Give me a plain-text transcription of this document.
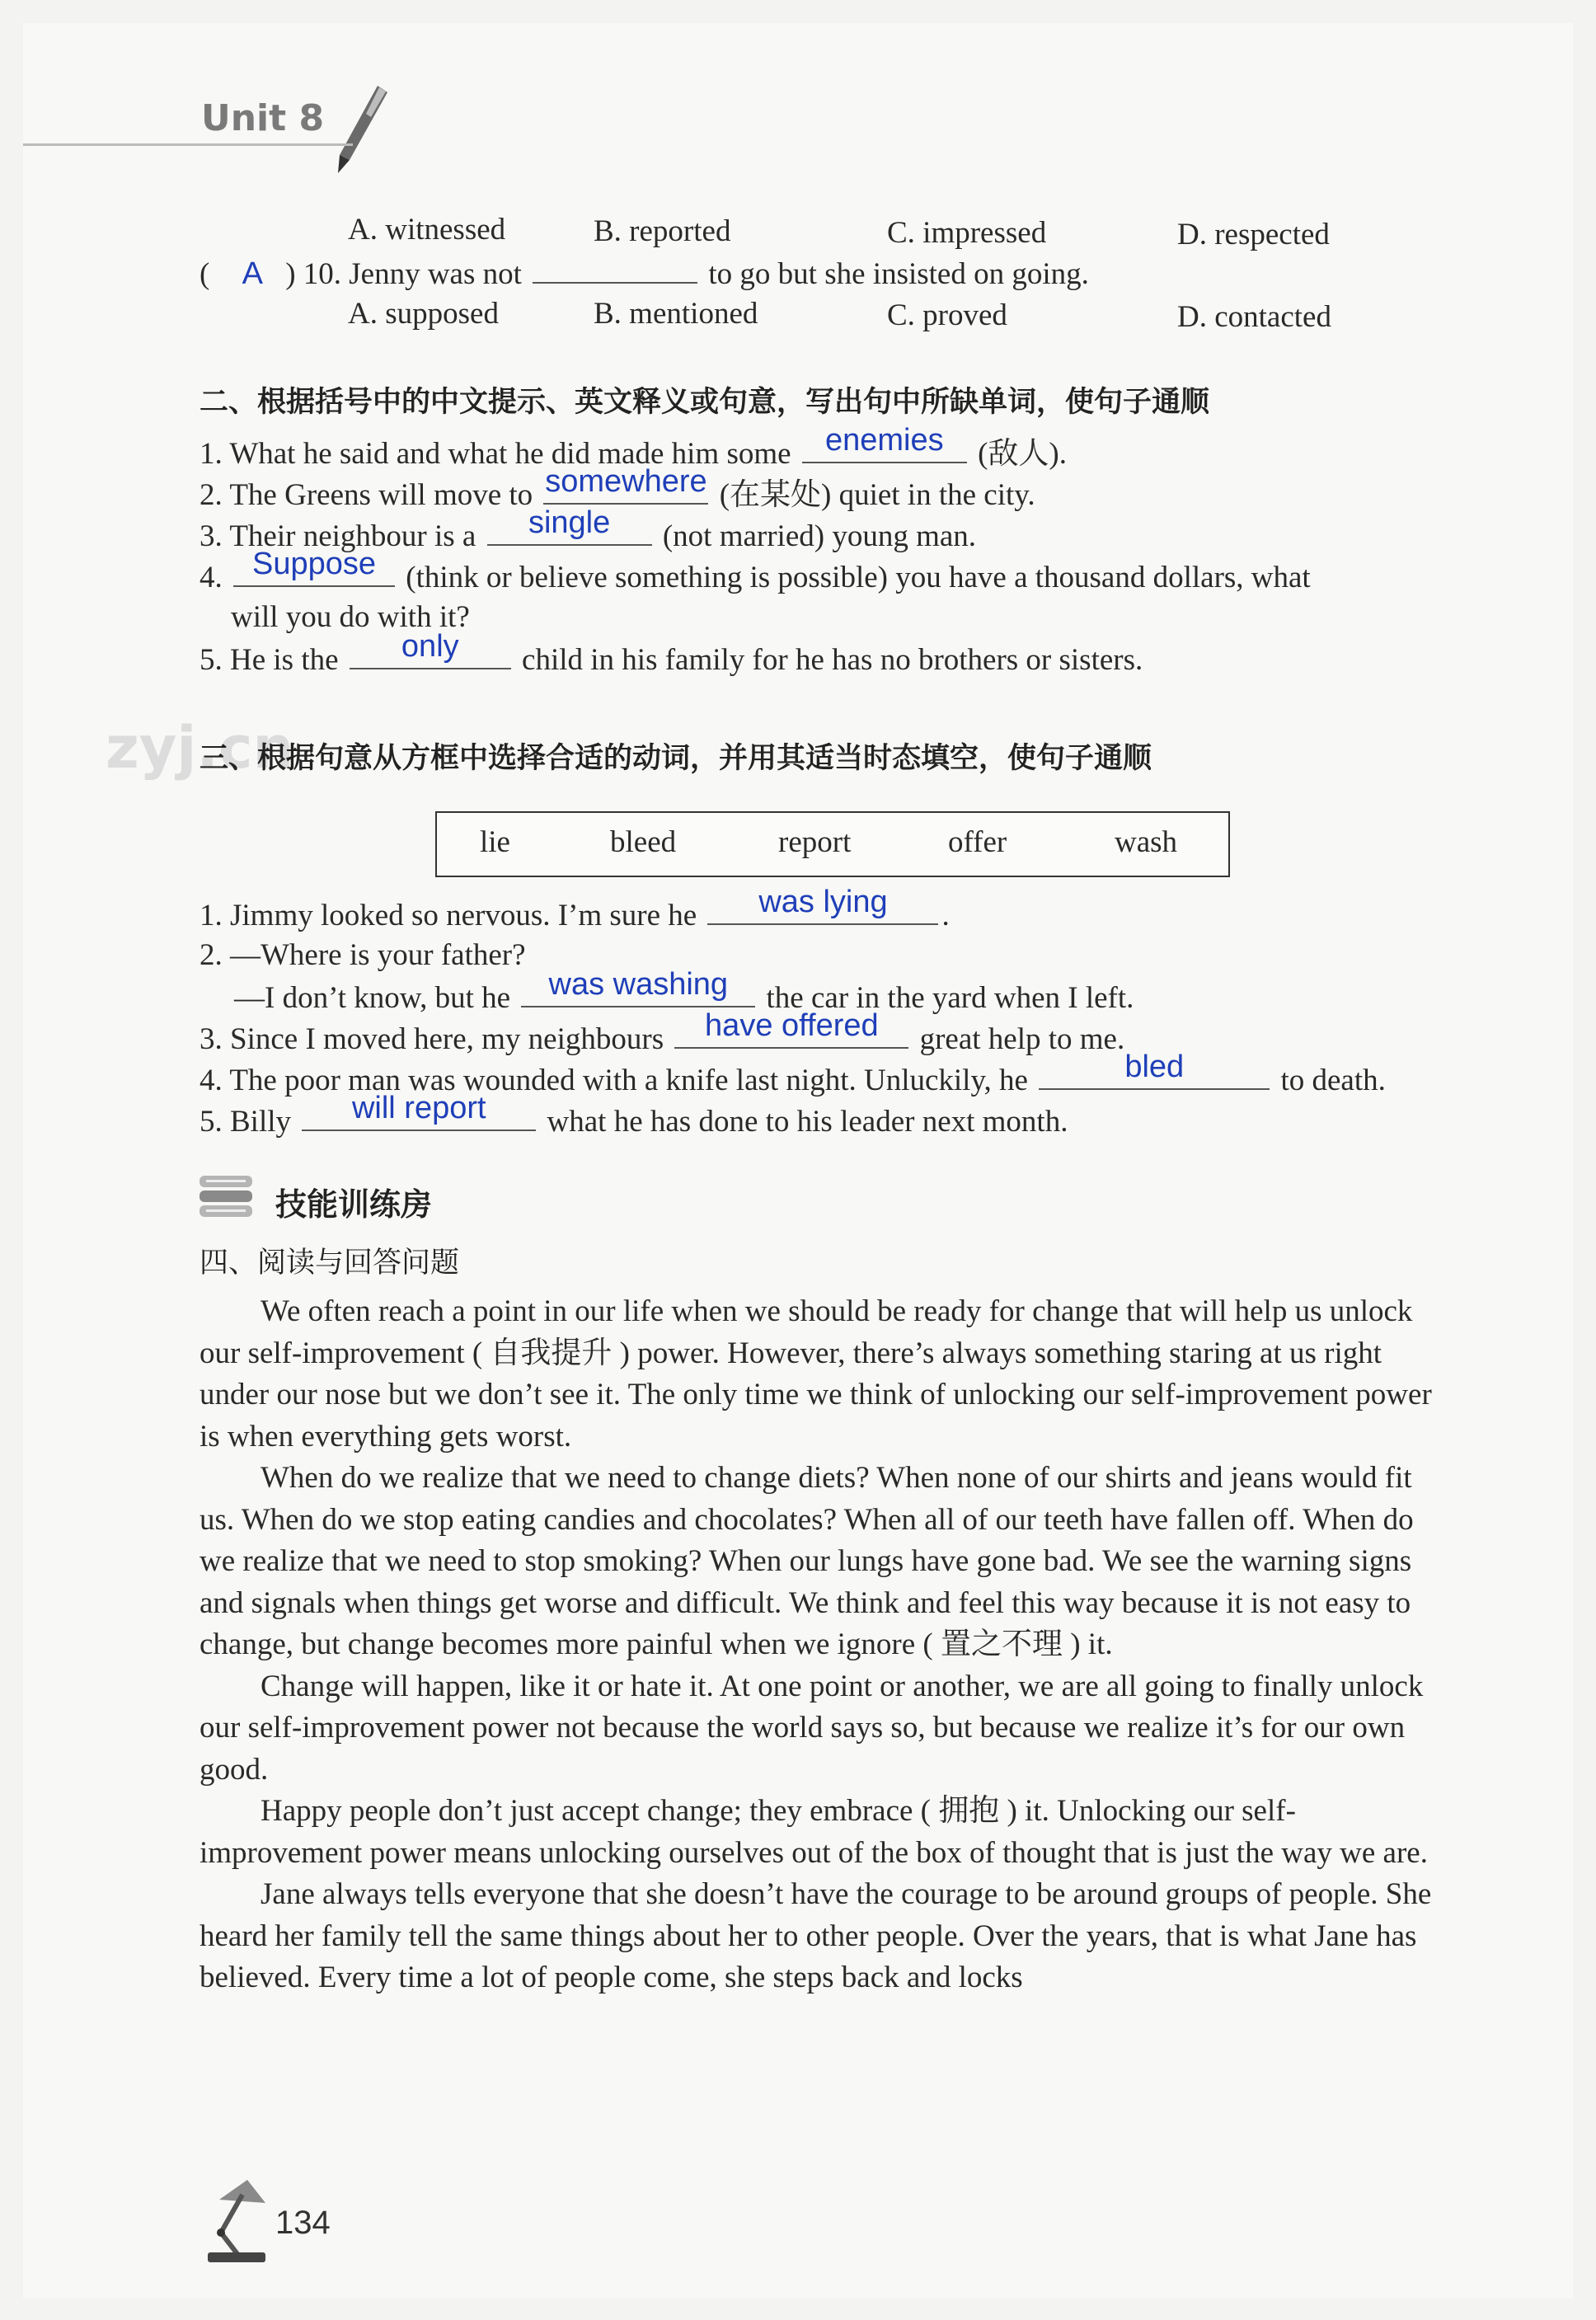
Unit 8
A. witnessed	B. reported	C. impressed	D. respected
( A ) 10. Jenny was not	to go but she insisted on going.
A. supposed	B. mentioned	C. proved	D. contacted
二、根据括号中的中文提示、英文释义或句意，写出句中所缺单词，使句子通顺
1. What he said and what he did made him some	enemies	(敌人).
2. The Greens will move to somewhere (在某处) quiet in the city.
3. Their neighbour is a	single	(not married) young man.
4. Suppose (think or believe something is possible) you have a thousand dollars, what
will you do with it?
5. He is the	only	child in his family for he has no brothers or sisters.
zyj.cn
三、根据句意从方框中选择合适的动词，并用其适当时态填空，使句子通顺
lie	bleed	report	offer	wash
1. Jimmy looked so nervous. I’m sure he	was lying	.
2. —Where is your father?
—I don’t know, but he	was washing	the car in the yard when I left.
3. Since I moved here, my neighbours	have offered	great help to me.
4. The poor man was wounded with a knife last night. Unluckily, he	bled	to death.
5. Billy	will report	what he has done to his leader next month.
技能训练房
四、阅读与回答问题

We often reach a point in our life when we should be ready for change that will help us unlock our self-improvement ( 自我提升 ) power. However, there’s always something staring at us right under our nose but we don’t see it. The only time we think of unlocking our self-improvement power is when everything gets worst.

When do we realize that we need to change diets? When none of our shirts and jeans would fit us. When do we stop eating candies and chocolates? When all of our teeth have fallen off. When do we realize that we need to stop smoking? When our lungs have gone bad. We see the warning signs and signals when things get worse and difficult. We think and feel this way because it is not easy to change, but change becomes more painful when we ignore ( 置之不理 ) it.

Change will happen, like it or hate it. At one point or another, we are all going to finally unlock our self-improvement power not because the world says so, but because we realize it’s for our own good.

Happy people don’t just accept change; they embrace ( 拥抱 ) it. Unlocking our self-improvement power means unlocking ourselves out of the box of thought that is just the way we are.

Jane always tells everyone that she doesn’t have the courage to be around groups of people. She heard her family tell the same things about her to other people. Over the years, that is what Jane has believed. Every time a lot of people come, she steps back and locks

134
